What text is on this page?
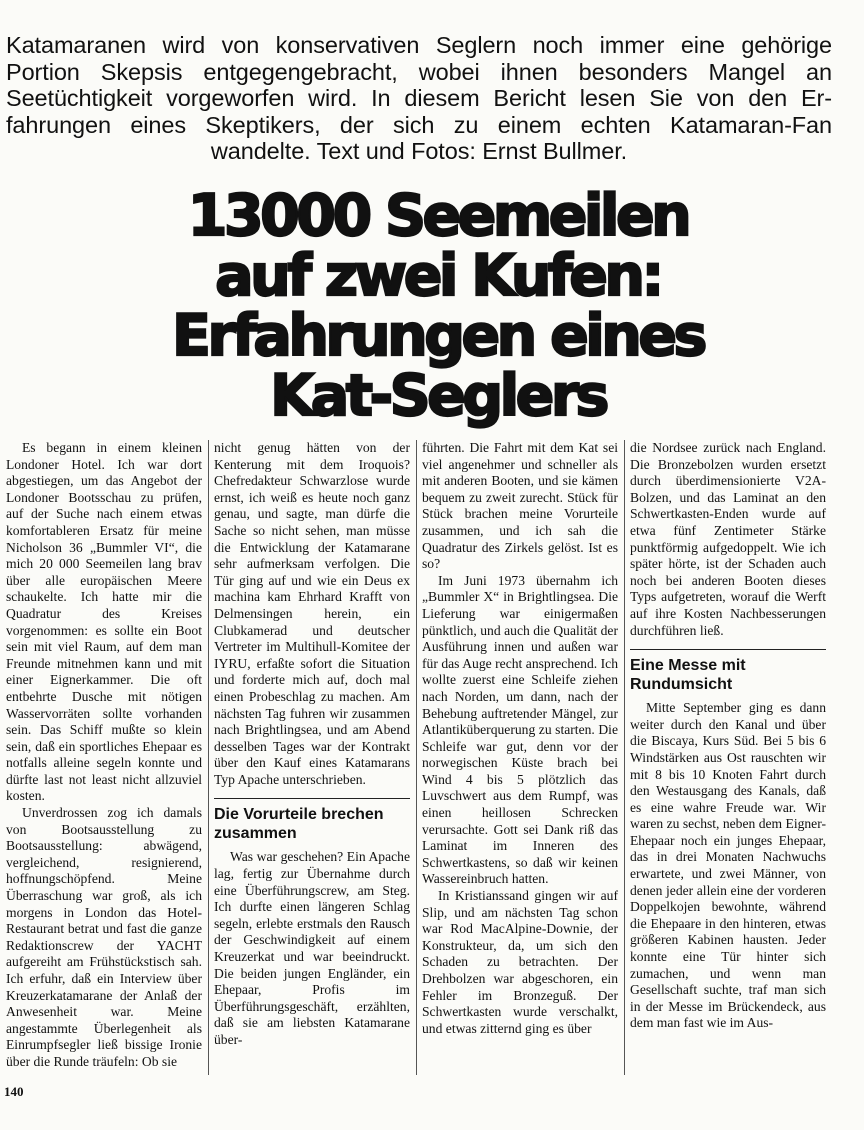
Katamaranen wird von konservativen Seglern noch immer eine gehörige
Portion Skepsis entgegengebracht, wobei ihnen besonders Mangel an
Seetüchtigkeit vorgeworfen wird. In diesem Bericht lesen Sie von den Er-
fahrungen eines Skeptikers, der sich zu einem echten Katamaran-Fan
wandelte. Text und Fotos: Ernst Bullmer.
13000 Seemeilen
auf zwei Kufen:
Erfahrungen eines
Kat-Seglers

Es begann in einem kleinen Londoner Hotel. Ich war dort abgestiegen, um das Angebot der Londoner Bootsschau zu prüfen, auf der Suche nach einem etwas komfortableren Ersatz für meine Nicholson 36 „Bummler VI“, die mich 20 000 Seemeilen lang brav über alle europäischen Meere schaukelte. Ich hatte mir die Quadratur des Kreises vorgenommen: es sollte ein Boot sein mit viel Raum, auf dem man Freunde mitnehmen kann und mit einer Eignerkammer. Die oft entbehrte Dusche mit nötigen Wasservorräten sollte vorhanden sein. Das Schiff mußte so klein sein, daß ein sportliches Ehepaar es notfalls alleine segeln konnte und dürfte last not least nicht allzuviel kosten.

Unverdrossen zog ich damals von Bootsausstellung zu Bootsausstellung: abwägend, vergleichend, resignierend, hoffnungschöpfend. Meine Überraschung war groß, als ich morgens in London das Hotel-Restaurant betrat und fast die ganze Redaktionscrew der YACHT aufgereiht am Frühstückstisch sah. Ich erfuhr, daß ein Interview über Kreuzerkatamarane der Anlaß der Anwesenheit war. Meine angestammte Überlegenheit als Einrumpfsegler ließ bissige Ironie über die Runde träufeln: Ob sie

nicht genug hätten von der Kenterung mit dem Iroquois? Chefredakteur Schwarzlose wurde ernst, ich weiß es heute noch ganz genau, und sagte, man dürfe die Sache so nicht sehen, man müsse die Entwicklung der Katamarane sehr aufmerksam verfolgen. Die Tür ging auf und wie ein Deus ex machina kam Ehrhard Krafft von Delmensingen herein, ein Clubkamerad und deutscher Vertreter im Multihull-Komitee der IYRU, erfaßte sofort die Situation und forderte mich auf, doch mal einen Probeschlag zu machen. Am nächsten Tag fuhren wir zusammen nach Brightlingsea, und am Abend desselben Tages war der Kontrakt über den Kauf eines Katamarans Typ Apache unterschrieben.

Die Vorurteile brechen zusammen

Was war geschehen? Ein Apache lag, fertig zur Übernahme durch eine Überführungscrew, am Steg. Ich durfte einen längeren Schlag segeln, erlebte erstmals den Rausch der Geschwindigkeit auf einem Kreuzerkat und war beeindruckt. Die beiden jungen Engländer, ein Ehepaar, Profis im Überführungsgeschäft, erzählten, daß sie am liebsten Katamarane über-

führten. Die Fahrt mit dem Kat sei viel angenehmer und schneller als mit anderen Booten, und sie kämen bequem zu zweit zurecht. Stück für Stück brachen meine Vorurteile zusammen, und ich sah die Quadratur des Zirkels gelöst. Ist es so?

Im Juni 1973 übernahm ich „Bummler X“ in Brightlingsea. Die Lieferung war einigermaßen pünktlich, und auch die Qualität der Ausführung innen und außen war für das Auge recht ansprechend. Ich wollte zuerst eine Schleife ziehen nach Norden, um dann, nach der Behebung auftretender Mängel, zur Atlantiküberquerung zu starten. Die Schleife war gut, denn vor der norwegischen Küste brach bei Wind 4 bis 5 plötzlich das Luvschwert aus dem Rumpf, was einen heillosen Schrecken verursachte. Gott sei Dank riß das Laminat im Inneren des Schwertkastens, so daß wir keinen Wassereinbruch hatten.

In Kristianssand gingen wir auf Slip, und am nächsten Tag schon war Rod MacAlpine-Downie, der Konstrukteur, da, um sich den Schaden zu betrachten. Der Drehbolzen war abgeschoren, ein Fehler im Bronzeguß. Der Schwertkasten wurde verschalkt, und etwas zitternd ging es über

die Nordsee zurück nach England. Die Bronzebolzen wurden ersetzt durch überdimensionierte V2A-Bolzen, und das Laminat an den Schwertkasten-Enden wurde auf etwa fünf Zentimeter Stärke punktförmig aufgedoppelt. Wie ich später hörte, ist der Schaden auch noch bei anderen Booten dieses Typs aufgetreten, worauf die Werft auf ihre Kosten Nachbesserungen durchführen ließ.

Eine Messe mit Rundumsicht

Mitte September ging es dann weiter durch den Kanal und über die Biscaya, Kurs Süd. Bei 5 bis 6 Windstärken aus Ost rauschten wir mit 8 bis 10 Knoten Fahrt durch den Westausgang des Kanals, daß es eine wahre Freude war. Wir waren zu sechst, neben dem Eigner-Ehepaar noch ein junges Ehepaar, das in drei Monaten Nachwuchs erwartete, und zwei Männer, von denen jeder allein eine der vorderen Doppelkojen bewohnte, während die Ehepaare in den hinteren, etwas größeren Kabinen hausten. Jeder konnte eine Tür hinter sich zumachen, und wenn man Gesellschaft suchte, traf man sich in der Messe im Brückendeck, aus dem man fast wie im Aus-

140
